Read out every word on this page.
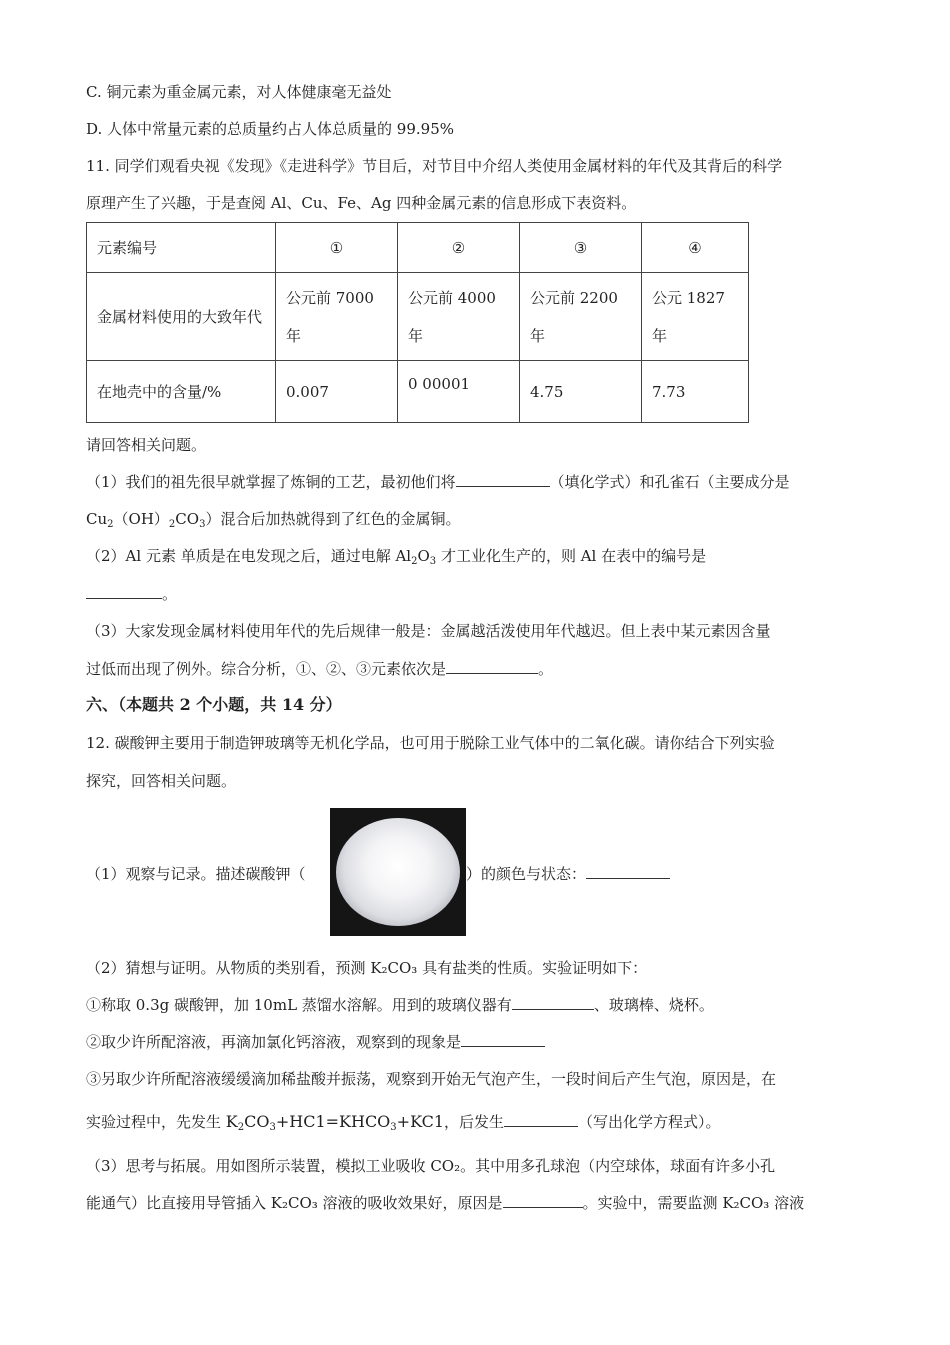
C. 铜元素为重金属元素，对人体健康毫无益处
D. 人体中常量元素的总质量约占人体总质量的 99.95%
11. 同学们观看央视《发现》《走进科学》节目后，对节目中介绍人类使用金属材料的年代及其背后的科学
原理产生了兴趣，于是查阅 Al、Cu、Fe、Ag 四种金属元素的信息形成下表资料。
元素编号	①	②	③	④
金属材料使用的大致年代	公元前 7000 年	公元前 4000 年	公元前 2200 年	公元 1827 年
在地壳中的含量/%	0.007	0 00001	4.75	7.73
请回答相关问题。
（1）我们的祖先很早就掌握了炼铜的工艺，最初他们将	（填化学式）和孔雀石（主要成分是
$Cu_2(OH)_2CO_3$）混合后加热就得到了红色的金属铜。
（2）Al 元素 单质是在电发现之后，通过电解 $Al_2O_3$ 才工业化生产的，则 Al 在表中的编号是
。
（3）大家发现金属材料使用年代的先后规律一般是：金属越活泼使用年代越迟。但上表中某元素因含量
过低而出现了例外。综合分析，①、②、③元素依次是	。
六、（本题共 2 个小题，共 14 分）
12. 碳酸钾主要用于制造钾玻璃等无机化学品，也可用于脱除工业气体中的二氧化碳。请你结合下列实验
探究，回答相关问题。
（1）观察与记录。描述碳酸钾（	）的颜色与状态：
（2）猜想与证明。从物质的类别看，预测 K₂CO₃ 具有盐类的性质。实验证明如下：
①称取 0.3g 碳酸钾，加 10mL 蒸馏水溶解。用到的玻璃仪器有	、玻璃棒、烧杯。
②取少许所配溶液，再滴加氯化钙溶液，观察到的现象是
③另取少许所配溶液缓缓滴加稀盐酸并振荡，观察到开始无气泡产生，一段时间后产生气泡，原因是，在
实验过程中，先发生 $K_2CO_3+HC1=KHCO_3+KC1$，后发生	（写出化学方程式）。
（3）思考与拓展。用如图所示装置，模拟工业吸收 CO₂。其中用多孔球泡（内空球体，球面有许多小孔
能通气）比直接用导管插入 K₂CO₃ 溶液的吸收效果好，原因是	。实验中，需要监测 K₂CO₃ 溶液
